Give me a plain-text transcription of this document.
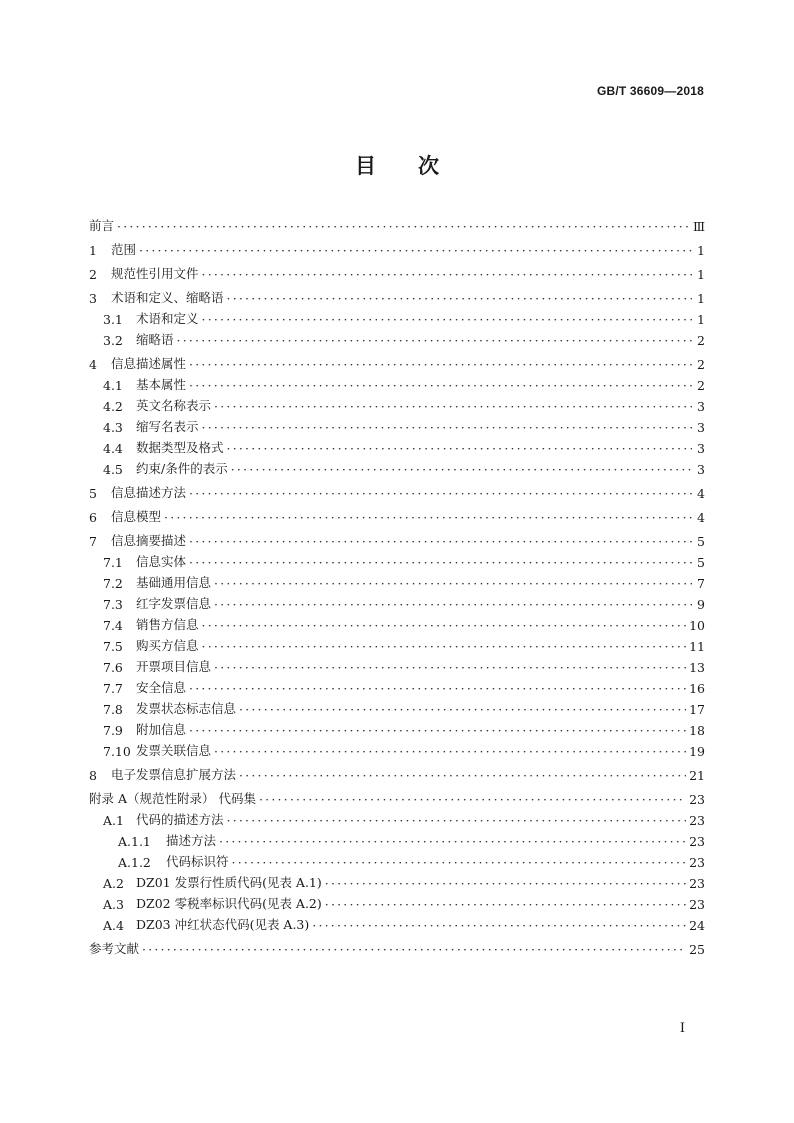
GB/T 36609—2018
目 次
前言 ·····	Ⅲ
1	范围 ·····	1
2	规范性引用文件 ·····	1
3	术语和定义、缩略语 ·····	1
3.1	术语和定义 ·····	1
3.2	缩略语 ·····	2
4	信息描述属性 ·····	2
4.1	基本属性 ·····	2
4.2	英文名称表示 ·····	3
4.3	缩写名表示 ·····	3
4.4	数据类型及格式 ·····	3
4.5	约束/条件的表示 ·····	3
5	信息描述方法 ·····	4
6	信息模型 ·····	4
7	信息摘要描述 ·····	5
7.1	信息实体 ·····	5
7.2	基础通用信息 ·····	7
7.3	红字发票信息 ·····	9
7.4	销售方信息 ·····	10
7.5	购买方信息 ·····	11
7.6	开票项目信息 ·····	13
7.7	安全信息 ·····	16
7.8	发票状态标志信息 ·····	17
7.9	附加信息 ·····	18
7.10 发票关联信息 ·····	19
8	电子发票信息扩展方法 ·····	21
附录 A（规范性附录） 代码集 ·····	23
A.1 代码的描述方法 ·····	23
A.1.1	描述方法 ·····	23
A.1.2	代码标识符 ·····	23
A.2 DZ01 发票行性质代码(见表 A.1) ·····	23
A.3 DZ02 零税率标识代码(见表 A.2) ·····	23
A.4 DZ03 冲红状态代码(见表 A.3) ·····	24
参考文献 ·····	25
I
